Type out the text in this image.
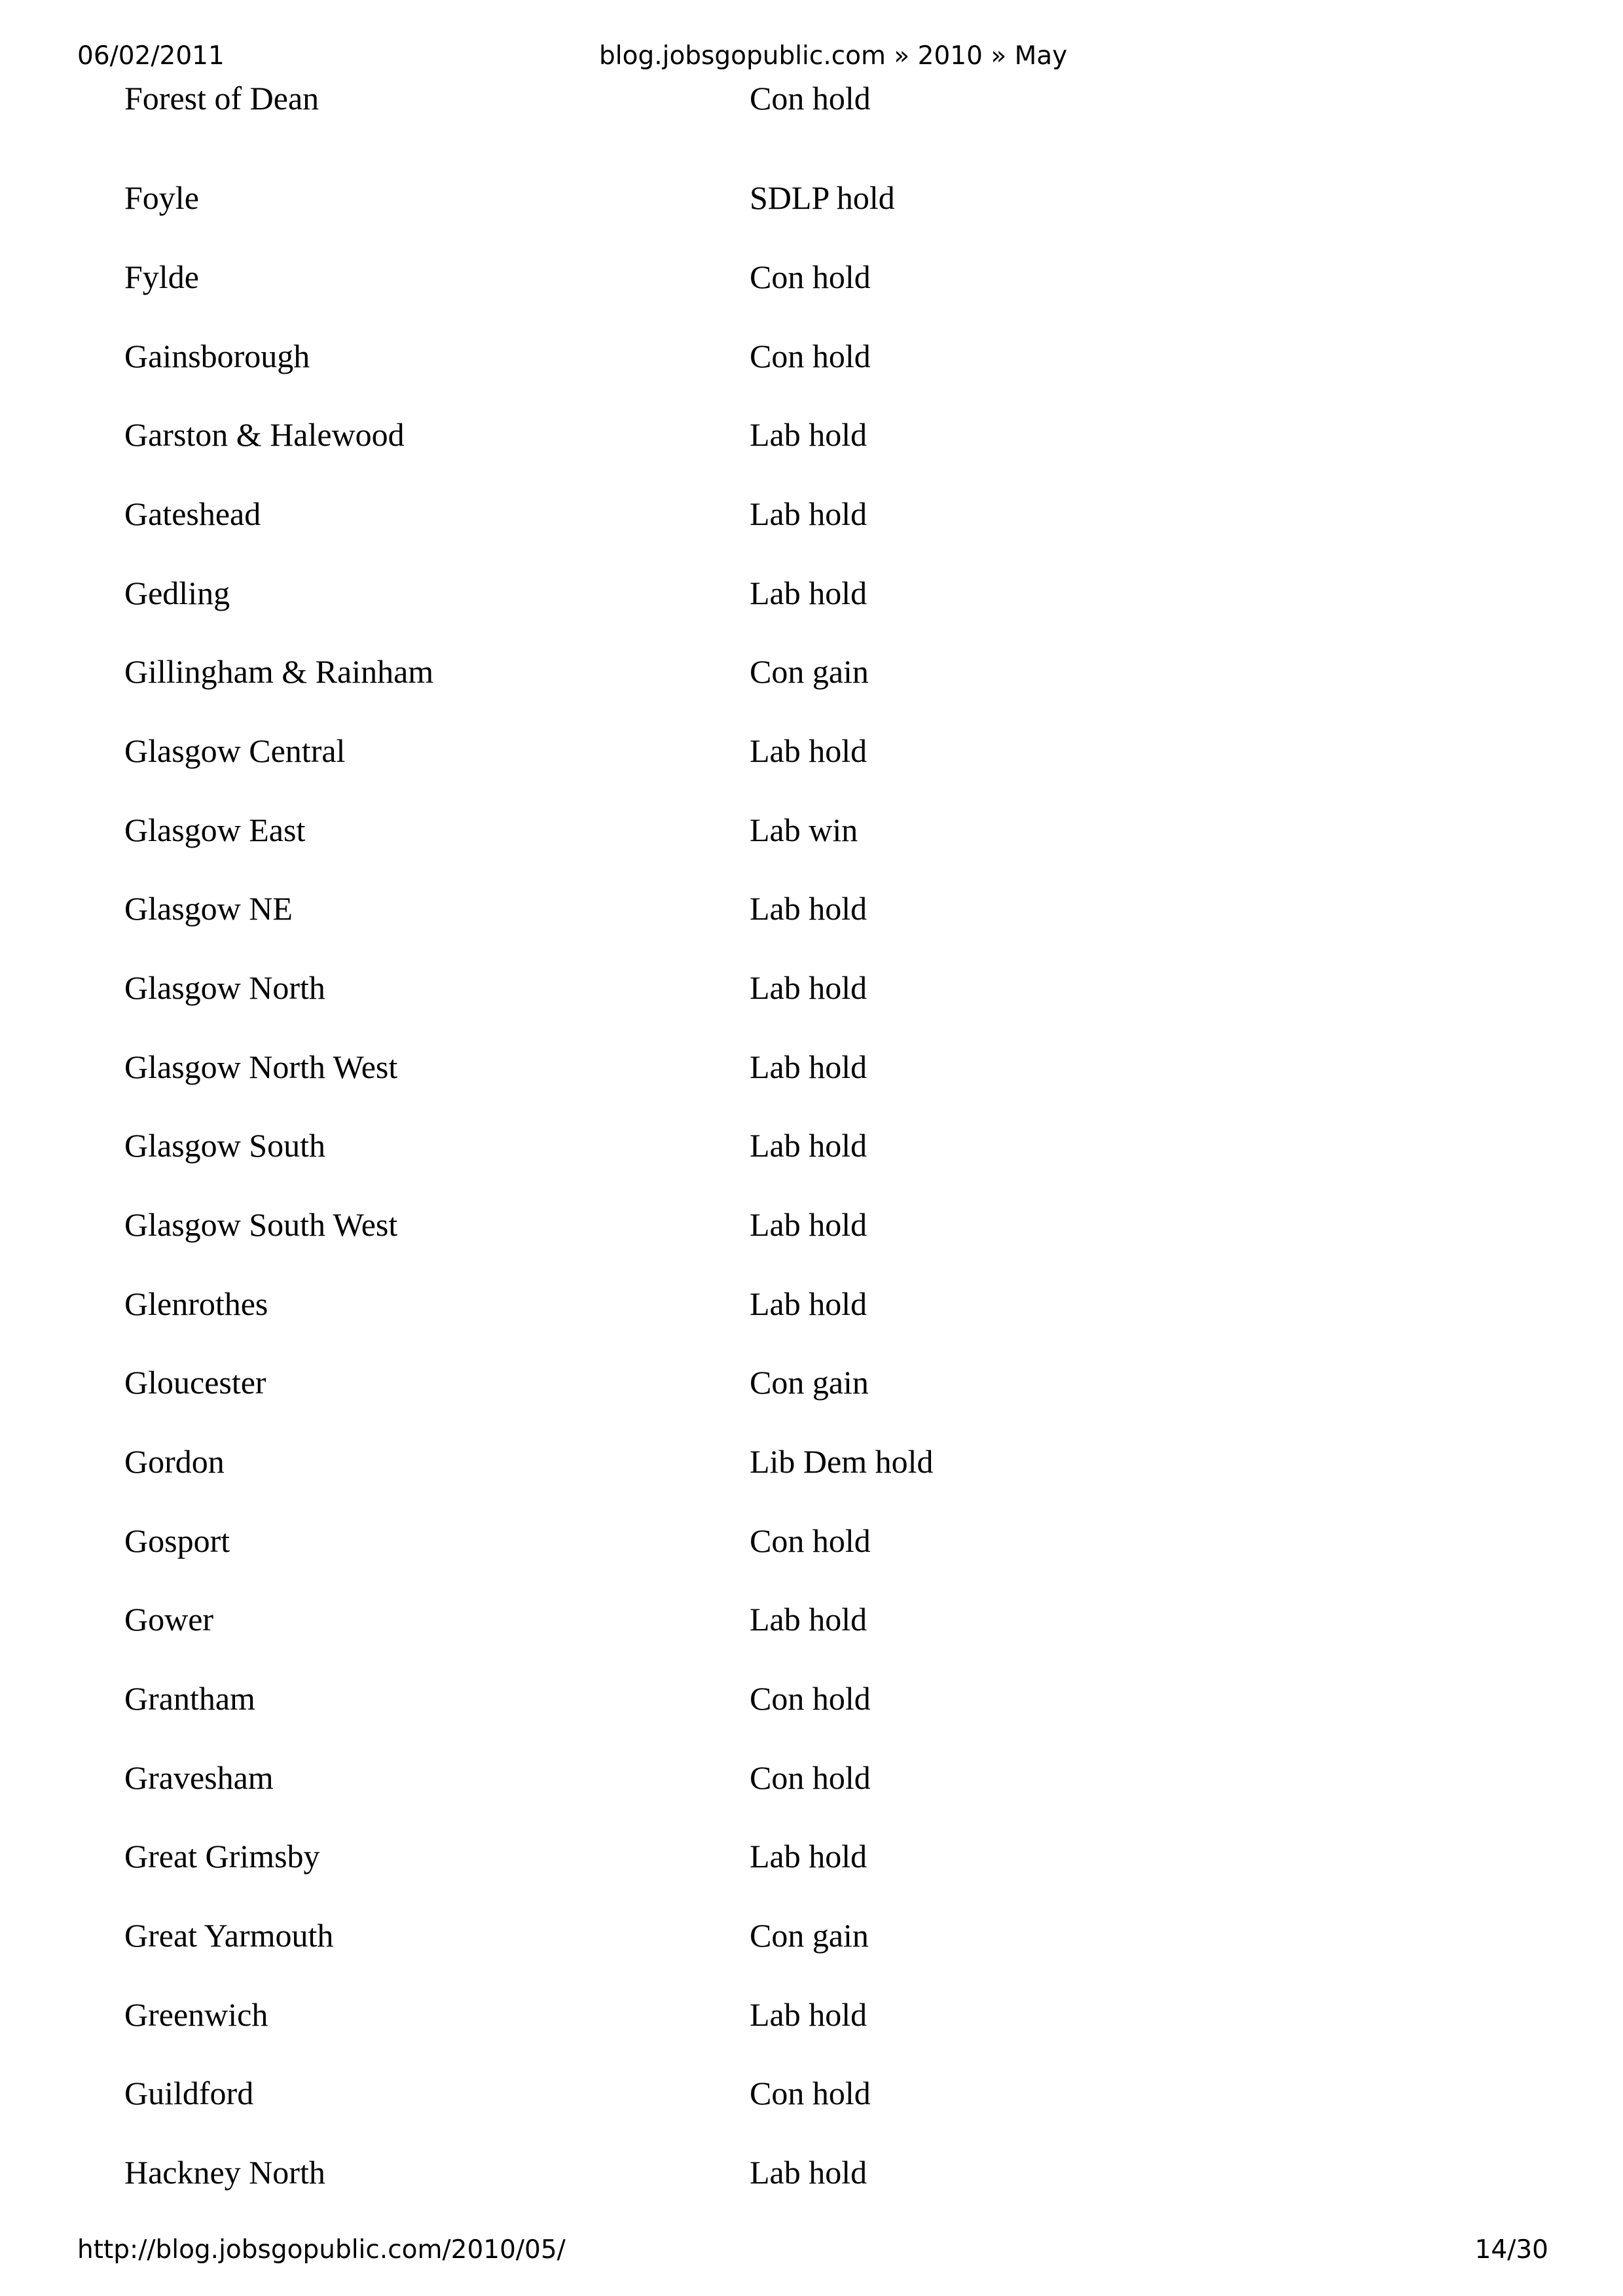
06/02/2011	blog.jobsgopublic.com » 2010 » May
Forest of Dean	Con hold
Foyle	SDLP hold
Fylde	Con hold
Gainsborough	Con hold
Garston & Halewood	Lab hold
Gateshead	Lab hold
Gedling	Lab hold
Gillingham & Rainham	Con gain
Glasgow Central	Lab hold
Glasgow East	Lab win
Glasgow NE	Lab hold
Glasgow North	Lab hold
Glasgow North West	Lab hold
Glasgow South	Lab hold
Glasgow South West	Lab hold
Glenrothes	Lab hold
Gloucester	Con gain
Gordon	Lib Dem hold
Gosport	Con hold
Gower	Lab hold
Grantham	Con hold
Gravesham	Con hold
Great Grimsby	Lab hold
Great Yarmouth	Con gain
Greenwich	Lab hold
Guildford	Con hold
Hackney North	Lab hold
http://blog.jobsgopublic.com/2010/05/	14/30
